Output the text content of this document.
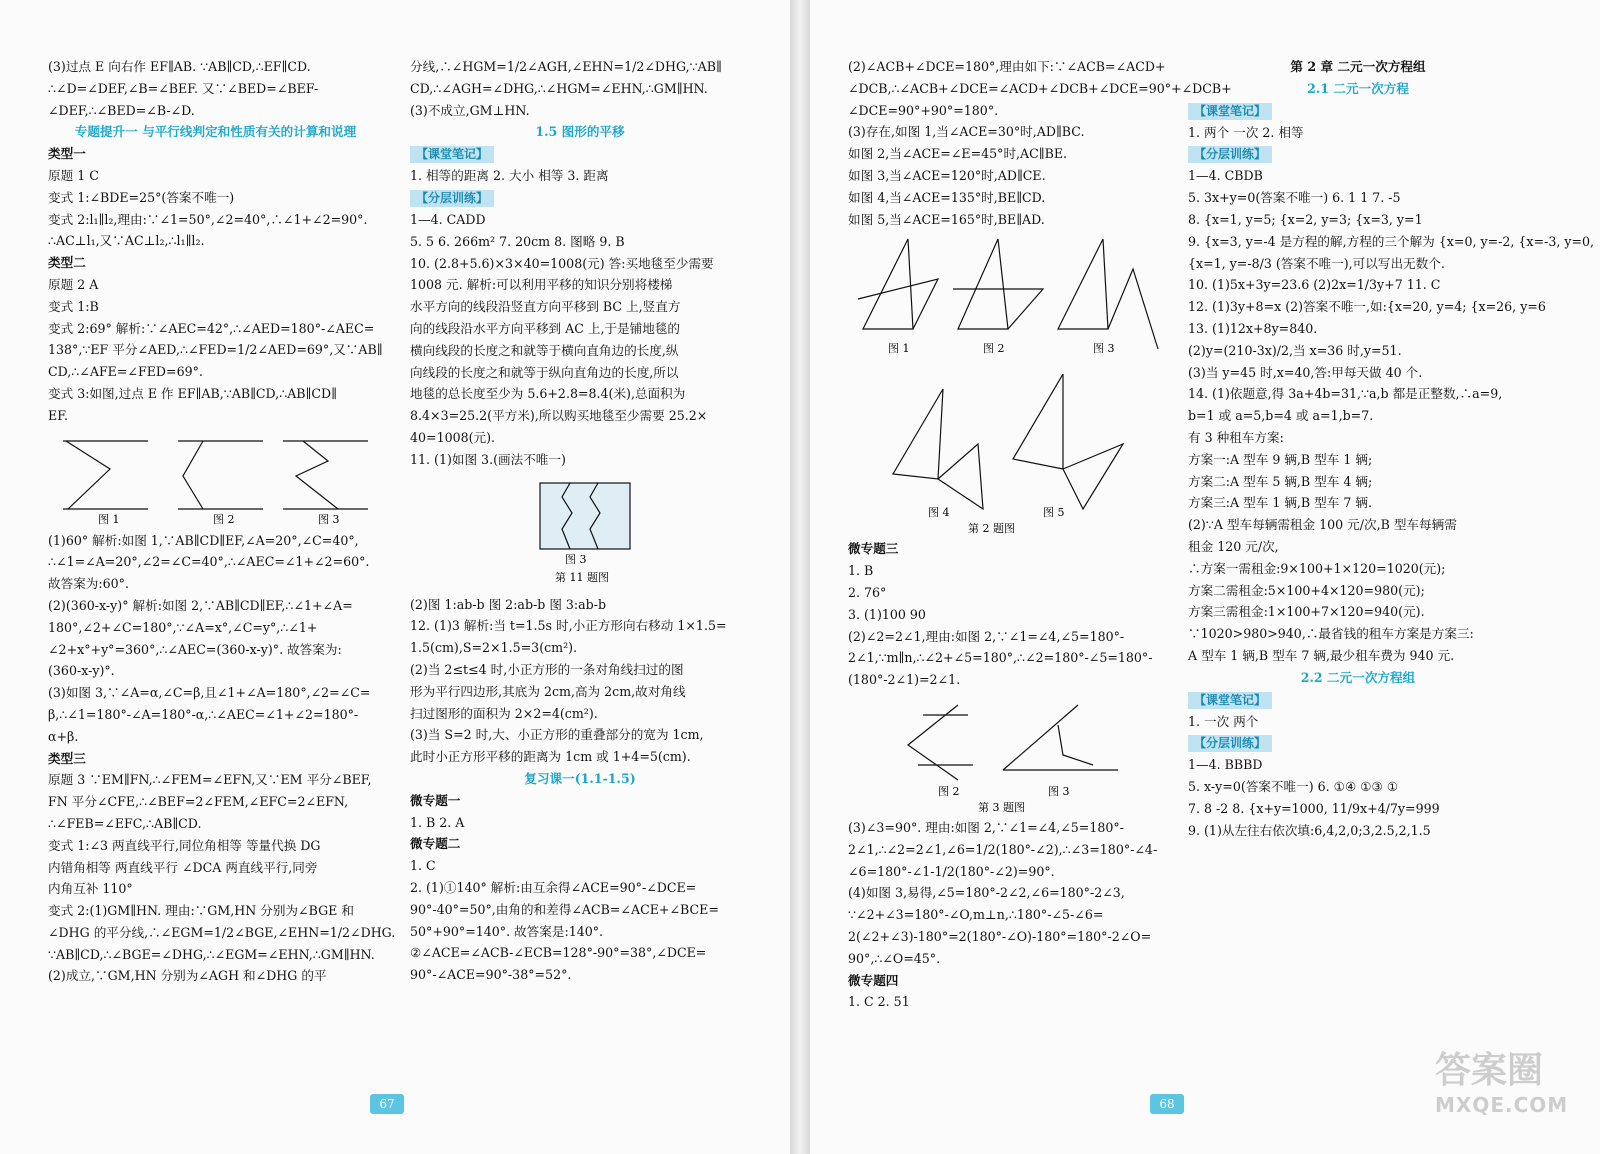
(3)过点 E 向右作 EF∥AB. ∵AB∥CD,∴EF∥CD.
∴∠D=∠DEF,∠B=∠BEF. 又∵∠BED=∠BEF-
∠DEF,∴∠BED=∠B-∠D.
专题提升一 与平行线判定和性质有关的计算和说理
类型一
原题 1 C
变式 1:∠BDE=25°(答案不唯一)
变式 2:l₁∥l₂,理由:∵∠1=50°,∠2=40°,∴∠1+∠2=90°.
∴AC⊥l₁,又∵AC⊥l₂,∴l₁∥l₂.
类型二
原题 2 A
变式 1:B
变式 2:69° 解析:∵∠AEC=42°,∴∠AED=180°-∠AEC=
138°,∵EF 平分∠AED,∴∠FED=1/2∠AED=69°,又∵AB∥
CD,∴∠AFE=∠FED=69°.
变式 3:如图,过点 E 作 EF∥AB,∵AB∥CD,∴AB∥CD∥
EF.
图 1	图 2	图 3
(1)60° 解析:如图 1,∵AB∥CD∥EF,∠A=20°,∠C=40°,
∴∠1=∠A=20°,∠2=∠C=40°,∴∠AEC=∠1+∠2=60°.
故答案为:60°.
(2)(360-x-y)° 解析:如图 2,∵AB∥CD∥EF,∴∠1+∠A=
180°,∠2+∠C=180°,∵∠A=x°,∠C=y°,∴∠1+
∠2+x°+y°=360°,∴∠AEC=(360-x-y)°. 故答案为:
(360-x-y)°.
(3)如图 3,∵∠A=α,∠C=β,且∠1+∠A=180°,∠2=∠C=
β,∴∠1=180°-∠A=180°-α,∴∠AEC=∠1+∠2=180°-
α+β.
类型三
原题 3 ∵EM∥FN,∴∠FEM=∠EFN,又∵EM 平分∠BEF,
FN 平分∠CFE,∴∠BEF=2∠FEM,∠EFC=2∠EFN,
∴∠FEB=∠EFC,∴AB∥CD.
变式 1:∠3 两直线平行,同位角相等 等量代换 DG
内错角相等 两直线平行 ∠DCA 两直线平行,同旁
内角互补 110°
变式 2:(1)GM∥HN. 理由:∵GM,HN 分别为∠BGE 和
∠DHG 的平分线,∴∠EGM=1/2∠BGE,∠EHN=1/2∠DHG.
∵AB∥CD,∴∠BGE=∠DHG,∴∠EGM=∠EHN,∴GM∥HN.
(2)成立,∵GM,HN 分别为∠AGH 和∠DHG 的平
分线,∴∠HGM=1/2∠AGH,∠EHN=1/2∠DHG,∵AB∥
CD,∴∠AGH=∠DHG,∴∠HGM=∠EHN,∴GM∥HN.
(3)不成立,GM⊥HN.
1.5 图形的平移
【课堂笔记】
1. 相等的距离 2. 大小 相等 3. 距离
【分层训练】
1—4. CADD
5. 5 6. 266m² 7. 20cm 8. 图略 9. B
10. (2.8+5.6)×3×40=1008(元) 答:买地毯至少需要
1008 元. 解析:可以利用平移的知识分别将楼梯
水平方向的线段沿竖直方向平移到 BC 上,竖直方
向的线段沿水平方向平移到 AC 上,于是铺地毯的
横向线段的长度之和就等于横向直角边的长度,纵
向线段的长度之和就等于纵向直角边的长度,所以
地毯的总长度至少为 5.6+2.8=8.4(米),总面积为
8.4×3=25.2(平方米),所以购买地毯至少需要 25.2×
40=1008(元).
11. (1)如图 3.(画法不唯一)
图 3
第 11 题图
(2)图 1:ab-b 图 2:ab-b 图 3:ab-b
12. (1)3 解析:当 t=1.5s 时,小正方形向右移动 1×1.5=
1.5(cm),S=2×1.5=3(cm²).
(2)当 2≤t≤4 时,小正方形的一条对角线扫过的图
形为平行四边形,其底为 2cm,高为 2cm,故对角线
扫过图形的面积为 2×2=4(cm²).
(3)当 S=2 时,大、小正方形的重叠部分的宽为 1cm,
此时小正方形平移的距离为 1cm 或 1+4=5(cm).
复习课一(1.1-1.5)
微专题一
1. B 2. A
微专题二
1. C
2. (1)①140° 解析:由互余得∠ACE=90°-∠DCE=
90°-40°=50°,由角的和差得∠ACB=∠ACE+∠BCE=
50°+90°=140°. 故答案是:140°.
②∠ACE=∠ACB-∠ECB=128°-90°=38°,∠DCE=
90°-∠ACE=90°-38°=52°.
(2)∠ACB+∠DCE=180°,理由如下:∵∠ACB=∠ACD+
∠DCB,∴∠ACB+∠DCE=∠ACD+∠DCB+∠DCE=90°+∠DCB+
∠DCE=90°+90°=180°.
(3)存在,如图 1,当∠ACE=30°时,AD∥BC.
如图 2,当∠ACE=∠E=45°时,AC∥BE.
如图 3,当∠ACE=120°时,AD∥CE.
如图 4,当∠ACE=135°时,BE∥CD.
如图 5,当∠ACE=165°时,BE∥AD.
图 1	图 2	图 3
图 4	图 5
第 2 题图
微专题三
1. B
2. 76°
3. (1)100 90
(2)∠2=2∠1,理由:如图 2,∵∠1=∠4,∠5=180°-
2∠1,∵m∥n,∴∠2+∠5=180°,∴∠2=180°-∠5=180°-
(180°-2∠1)=2∠1.
图 2	图 3
第 3 题图
(3)∠3=90°. 理由:如图 2,∵∠1=∠4,∠5=180°-
2∠1,∴∠2=2∠1,∠6=1/2(180°-∠2),∴∠3=180°-∠4-
∠6=180°-∠1-1/2(180°-∠2)=90°.
(4)如图 3,易得,∠5=180°-2∠2,∠6=180°-2∠3,
∵∠2+∠3=180°-∠O,m⊥n,∴180°-∠5-∠6=
2(∠2+∠3)-180°=2(180°-∠O)-180°=180°-2∠O=
90°,∴∠O=45°.
微专题四
1. C 2. 51
第 2 章 二元一次方程组
2.1 二元一次方程
【课堂笔记】
1. 两个 一次 2. 相等
【分层训练】
1—4. CBDB
5. 3x+y=0(答案不唯一) 6. 1 1 7. -5
8. {x=1, y=5; {x=2, y=3; {x=3, y=1
9. {x=3, y=-4 是方程的解,方程的三个解为 {x=0, y=-2, {x=-3, y=0,
{x=1, y=-8/3 (答案不唯一),可以写出无数个.
10. (1)5x+3y=23.6 (2)2x=1/3y+7 11. C
12. (1)3y+8=x (2)答案不唯一,如:{x=20, y=4; {x=26, y=6
13. (1)12x+8y=840.
(2)y=(210-3x)/2,当 x=36 时,y=51.
(3)当 y=45 时,x=40,答:甲每天做 40 个.
14. (1)依题意,得 3a+4b=31,∵a,b 都是正整数,∴a=9,
b=1 或 a=5,b=4 或 a=1,b=7.
有 3 种租车方案:
方案一:A 型车 9 辆,B 型车 1 辆;
方案二:A 型车 5 辆,B 型车 4 辆;
方案三:A 型车 1 辆,B 型车 7 辆.
(2)∵A 型车每辆需租金 100 元/次,B 型车每辆需
租金 120 元/次,
∴方案一需租金:9×100+1×120=1020(元);
方案二需租金:5×100+4×120=980(元);
方案三需租金:1×100+7×120=940(元).
∵1020>980>940,∴最省钱的租车方案是方案三:
A 型车 1 辆,B 型车 7 辆,最少租车费为 940 元.
2.2 二元一次方程组
【课堂笔记】
1. 一次 两个
【分层训练】
1—4. BBBD
5. x-y=0(答案不唯一) 6. ①④ ①③ ①
7. 8 -2 8. {x+y=1000, 11/9x+4/7y=999
9. (1)从左往右依次填:6,4,2,0;3,2.5,2,1.5
67	68
答案圈
MXQE.COM
